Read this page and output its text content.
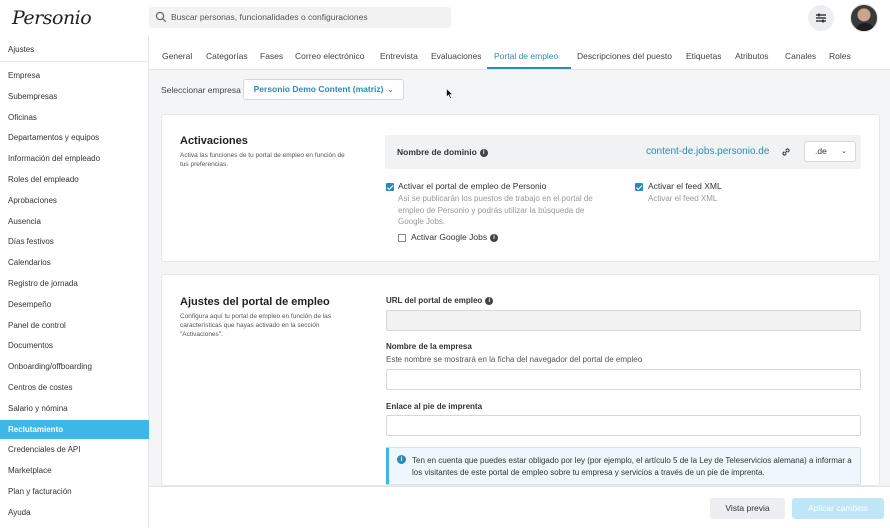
Personio	Buscar personas, funcionalidades o configuraciones
Ajustes
Empresa
Subempresas
Oficinas
Departamentos y equipos
Información del empleado
Roles del empleado
Aprobaciones
Ausencia
Días festivos
Calendarios
Registro de jornada
Desempeño
Panel de control
Documentos
Onboarding/offboarding
Centros de costes
Salario y nómina
Reclutamiento
Credenciales de API
Marketplace
Plan y facturación
Ayuda
General Categorías Fases Correo electrónico Entrevista Evaluaciones Portal de empleo Descripciones del puesto Etiquetas Atributos Canales Roles
Seleccionar empresa	Personio Demo Content (matriz) ⌄
Activaciones
Activa las funciones de tu portal de empleo en función de tus preferencias.
Nombre de dominio i	content-de.jobs.personio.de	.de ⌄
Activar el portal de empleo de Personio
Así se publicarán los puestos de trabajo en el portal de empleo de Personio y podrás utilizar la búsqueda de Google Jobs.
Activar Google Jobs i
Activar el feed XML
Activar el feed XML
Ajustes del portal de empleo
Configura aquí tu portal de empleo en función de las características que hayas activado en la sección "Activaciones".
URL del portal de empleo i
Nombre de la empresa
Este nombre se mostrará en la ficha del navegador del portal de empleo
Enlace al pie de imprenta
i	Ten en cuenta que puedes estar obligado por ley (por ejemplo, el artículo 5 de la Ley de Teleservicios alemana) a informar a los visitantes de este portal de empleo sobre tu empresa y servicios a través de un pie de imprenta.
Vista previa	Aplicar cambios
